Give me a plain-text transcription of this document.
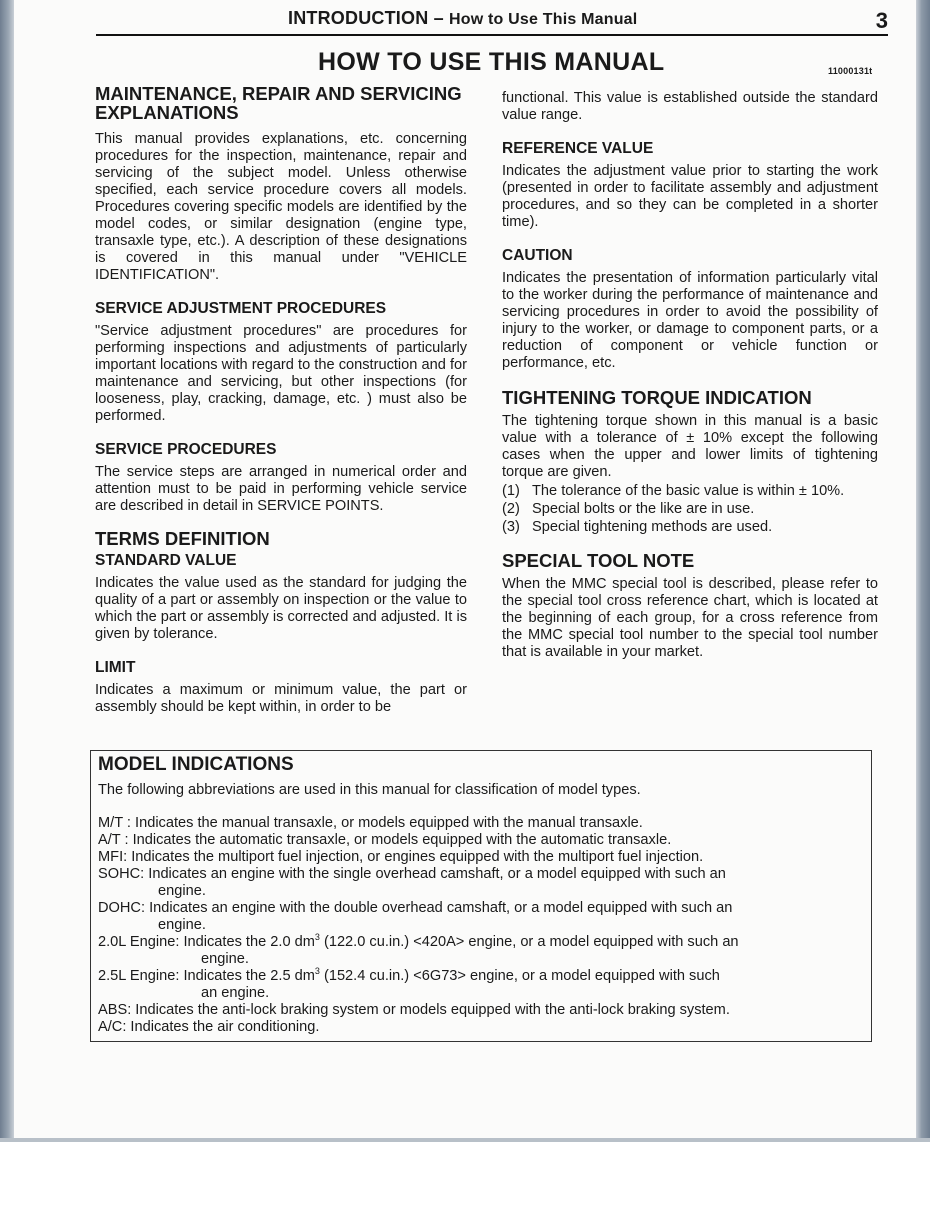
INTRODUCTION – How to Use This Manual	3
HOW TO USE THIS MANUAL	11000131t
MAINTENANCE, REPAIR AND SERVICING EXPLANATIONS

This manual provides explanations, etc. concerning procedures for the inspection, maintenance, repair and servicing of the subject model. Unless otherwise specified, each service procedure covers all models. Procedures covering specific models are identified by the model codes, or similar designation (engine type, transaxle type, etc.). A description of these designations is covered in this manual under "VEHICLE IDENTIFICATION".

SERVICE ADJUSTMENT PROCEDURES

"Service adjustment procedures" are procedures for performing inspections and adjustments of particularly important locations with regard to the construction and for maintenance and servicing, but other inspections (for looseness, play, cracking, damage, etc. ) must also be performed.

SERVICE PROCEDURES

The service steps are arranged in numerical order and attention must to be paid in performing vehicle service are described in detail in SERVICE POINTS.

TERMS DEFINITION
STANDARD VALUE

Indicates the value used as the standard for judging the quality of a part or assembly on inspection or the value to which the part or assembly is corrected and adjusted. It is given by tolerance.

LIMIT

Indicates a maximum or minimum value, the part or assembly should be kept within, in order to be

functional. This value is established outside the standard value range.

REFERENCE VALUE

Indicates the adjustment value prior to starting the work (presented in order to facilitate assembly and adjustment procedures, and so they can be completed in a shorter time).

CAUTION

Indicates the presentation of information particularly vital to the worker during the performance of maintenance and servicing procedures in order to avoid the possibility of injury to the worker, or damage to component parts, or a reduction of component or vehicle function or performance, etc.

TIGHTENING TORQUE INDICATION

The tightening torque shown in this manual is a basic value with a tolerance of ± 10% except the following cases when the upper and lower limits of tightening torque are given.

(1) The tolerance of the basic value is within ± 10%.
(2) Special bolts or the like are in use.
(3) Special tightening methods are used.
SPECIAL TOOL NOTE

When the MMC special tool is described, please refer to the special tool cross reference chart, which is located at the beginning of each group, for a cross reference from the MMC special tool number to the special tool number that is available in your market.

MODEL INDICATIONS

The following abbreviations are used in this manual for classification of model types.

M/T : Indicates the manual transaxle, or models equipped with the manual transaxle.
A/T : Indicates the automatic transaxle, or models equipped with the automatic transaxle.
MFI: Indicates the multiport fuel injection, or engines equipped with the multiport fuel injection.
SOHC: Indicates an engine with the single overhead camshaft, or a model equipped with such an
engine.
DOHC: Indicates an engine with the double overhead camshaft, or a model equipped with such an
engine.
2.0L Engine: Indicates the 2.0 $dm^3$ (122.0 cu.in.) <420A> engine, or a model equipped with such an
engine.
2.5L Engine: Indicates the 2.5 $dm^3$ (152.4 cu.in.) <6G73> engine, or a model equipped with such
an engine.
ABS: Indicates the anti-lock braking system or models equipped with the anti-lock braking system.
A/C: Indicates the air conditioning.
